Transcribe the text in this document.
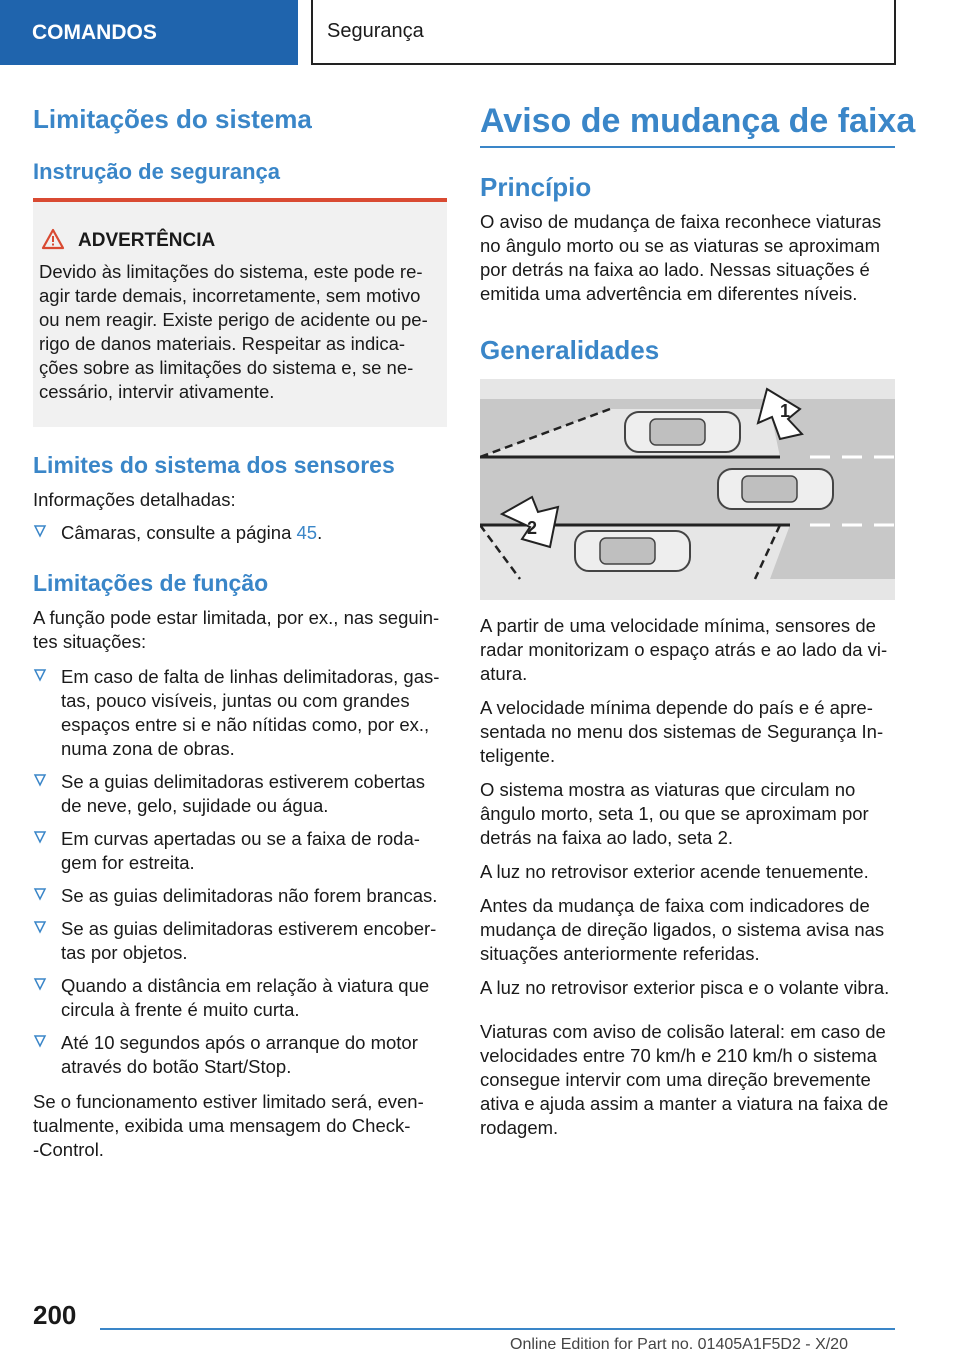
COMANDOS	Segurança
Limitações do sistema
Instrução de segurança
ADVERTÊNCIA

Devido às limitações do sistema, este pode re-

agir tarde demais, incorretamente, sem motivo

ou nem reagir. Existe perigo de acidente ou pe-

rigo de danos materiais. Respeitar as indica-

ções sobre as limitações do sistema e, se ne-

cessário, intervir ativamente.

Limites do sistema dos sensores

Informações detalhadas:

Câmaras, consulte a página 45.
Limitações de função

A função pode estar limitada, por ex., nas seguin-

tes situações:

Em caso de falta de linhas delimitadoras, gas-
tas, pouco visíveis, juntas ou com grandes
espaços entre si e não nítidas como, por ex.,
numa zona de obras.
Se a guias delimitadoras estiverem cobertas
de neve, gelo, sujidade ou água.
Em curvas apertadas ou se a faixa de roda-
gem for estreita.
Se as guias delimitadoras não forem brancas.
Se as guias delimitadoras estiverem encober-
tas por objetos.
Quando a distância em relação à viatura que
circula à frente é muito curta.
Até 10 segundos após o arranque do motor
através do botão Start/Stop.

Se o funcionamento estiver limitado será, even-

tualmente, exibida uma mensagem do Check-

-Control.

Aviso de mudança de faixa
Princípio

O aviso de mudança de faixa reconhece viaturas

no ângulo morto ou se as viaturas se aproximam

por detrás na faixa ao lado. Nessas situações é

emitida uma advertência em diferentes níveis.

Generalidades
1
2

A partir de uma velocidade mínima, sensores de

radar monitorizam o espaço atrás e ao lado da vi-

atura.

A velocidade mínima depende do país e é apre-

sentada no menu dos sistemas de Segurança In-

teligente.

O sistema mostra as viaturas que circulam no

ângulo morto, seta 1, ou que se aproximam por

detrás na faixa ao lado, seta 2.

A luz no retrovisor exterior acende tenuemente.

Antes da mudança de faixa com indicadores de

mudança de direção ligados, o sistema avisa nas

situações anteriormente referidas.

A luz no retrovisor exterior pisca e o volante vibra.

Viaturas com aviso de colisão lateral: em caso de

velocidades entre 70 km/h e 210 km/h o sistema

consegue intervir com uma direção brevemente

ativa e ajuda assim a manter a viatura na faixa de

rodagem.

200
Online Edition for Part no. 01405A1F5D2 - X/20
